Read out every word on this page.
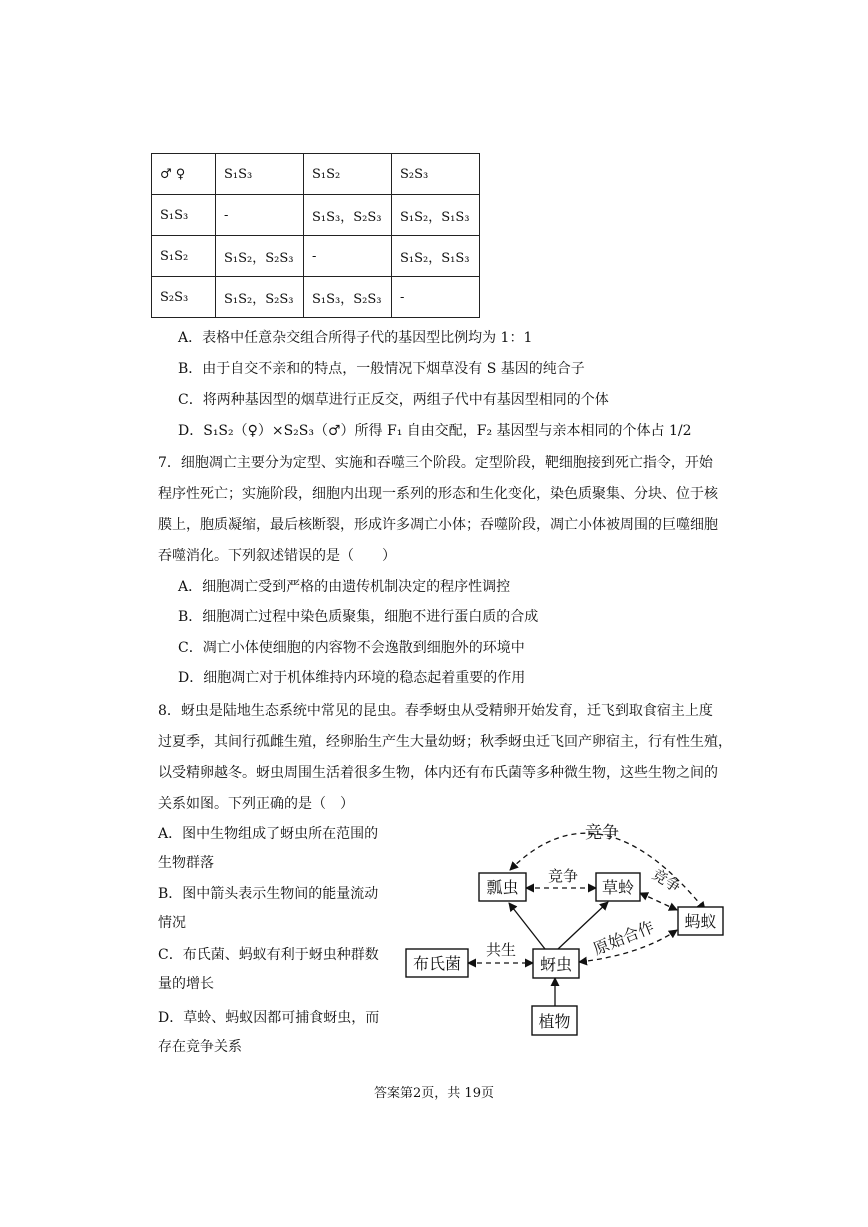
♂ ♀	S₁S₃	S₁S₂	S₂S₃
S₁S₃	-	S₁S₃，S₂S₃	S₁S₂，S₁S₃
S₁S₂	S₁S₂，S₂S₃	-	S₁S₂，S₁S₃
S₂S₃	S₁S₂，S₂S₃	S₁S₃，S₂S₃	-
A．表格中任意杂交组合所得子代的基因型比例均为 1：1
B．由于自交不亲和的特点，一般情况下烟草没有 S 基因的纯合子
C．将两种基因型的烟草进行正反交，两组子代中有基因型相同的个体
D．S₁S₂（♀）×S₂S₃（♂）所得 F₁ 自由交配，F₂ 基因型与亲本相同的个体占 1/2
7．细胞凋亡主要分为定型、实施和吞噬三个阶段。定型阶段，靶细胞接到死亡指令，开始
程序性死亡；实施阶段，细胞内出现一系列的形态和生化变化，染色质聚集、分块、位于核
膜上，胞质凝缩，最后核断裂，形成许多凋亡小体；吞噬阶段，凋亡小体被周围的巨噬细胞
吞噬消化。下列叙述错误的是（　　）
A．细胞凋亡受到严格的由遗传机制决定的程序性调控
B．细胞凋亡过程中染色质聚集，细胞不进行蛋白质的合成
C．凋亡小体使细胞的内容物不会逸散到细胞外的环境中
D．细胞凋亡对于机体维持内环境的稳态起着重要的作用
8．蚜虫是陆地生态系统中常见的昆虫。春季蚜虫从受精卵开始发育，迁飞到取食宿主上度
过夏季，其间行孤雌生殖，经卵胎生产生大量幼蚜；秋季蚜虫迁飞回产卵宿主，行有性生殖，
以受精卵越冬。蚜虫周围生活着很多生物，体内还有布氏菌等多种微生物，这些生物之间的
关系如图。下列正确的是（　）
A．图中生物组成了蚜虫所在范围的
生物群落
B．图中箭头表示生物间的能量流动
情况
C．布氏菌、蚂蚁有利于蚜虫种群数
量的增长
D．草蛉、蚂蚁因都可捕食蚜虫，而
存在竞争关系
竞争
竞争	竞争
原始合作
共生
瓢虫	草蛉
蚂蚁
布氏菌	蚜虫
植物
答案第2页，共 19页
